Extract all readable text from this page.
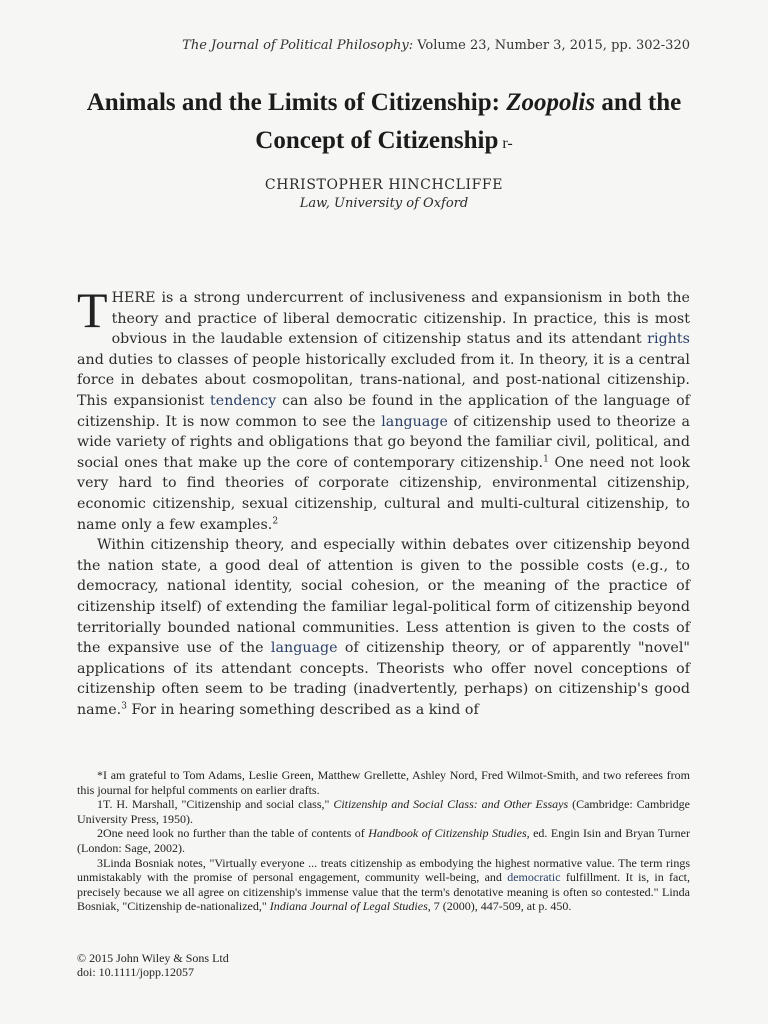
The Journal of Political Philosophy: Volume 23, Number 3, 2015, pp. 302-320
Animals and the Limits of Citizenship: Zoopolis and the Concept of Citizenship r-
CHRISTOPHER HINCHCLIFFE
Law, University of Oxford

THERE is a strong undercurrent of inclusiveness and expansionism in both the theory and practice of liberal democratic citizenship. In practice, this is most obvious in the laudable extension of citizenship status and its attendant rights and duties to classes of people historically excluded from it. In theory, it is a central force in debates about cosmopolitan, trans-national, and post-national citizenship. This expansionist tendency can also be found in the application of the language of citizenship. It is now common to see the language of citizenship used to theorize a wide variety of rights and obligations that go beyond the familiar civil, political, and social ones that make up the core of contemporary citizenship.$^1$ One need not look very hard to find theories of corporate citizenship, environmental citizenship, economic citizenship, sexual citizenship, cultural and multi-cultural citizenship, to name only a few examples.$^2$

Within citizenship theory, and especially within debates over citizenship beyond the nation state, a good deal of attention is given to the possible costs (e.g., to democracy, national identity, social cohesion, or the meaning of the practice of citizenship itself) of extending the familiar legal-political form of citizenship beyond territorially bounded national communities. Less attention is given to the costs of the expansive use of the language of citizenship theory, or of apparently "novel" applications of its attendant concepts. Theorists who offer novel conceptions of citizenship often seem to be trading (inadvertently, perhaps) on citizenship's good name.$^3$ For in hearing something described as a kind of

*I am grateful to Tom Adams, Leslie Green, Matthew Grellette, Ashley Nord, Fred Wilmot-Smith, and two referees from this journal for helpful comments on earlier drafts.

1T. H. Marshall, "Citizenship and social class," Citizenship and Social Class: and Other Essays (Cambridge: Cambridge University Press, 1950).

2One need look no further than the table of contents of Handbook of Citizenship Studies, ed. Engin Isin and Bryan Turner (London: Sage, 2002).

3Linda Bosniak notes, "Virtually everyone ... treats citizenship as embodying the highest normative value. The term rings unmistakably with the promise of personal engagement, community well-being, and democratic fulfillment. It is, in fact, precisely because we all agree on citizenship's immense value that the term's denotative meaning is often so contested." Linda Bosniak, "Citizenship de-nationalized," Indiana Journal of Legal Studies, 7 (2000), 447-509, at p. 450.

© 2015 John Wiley & Sons Ltd
doi: 10.1111/jopp.12057
